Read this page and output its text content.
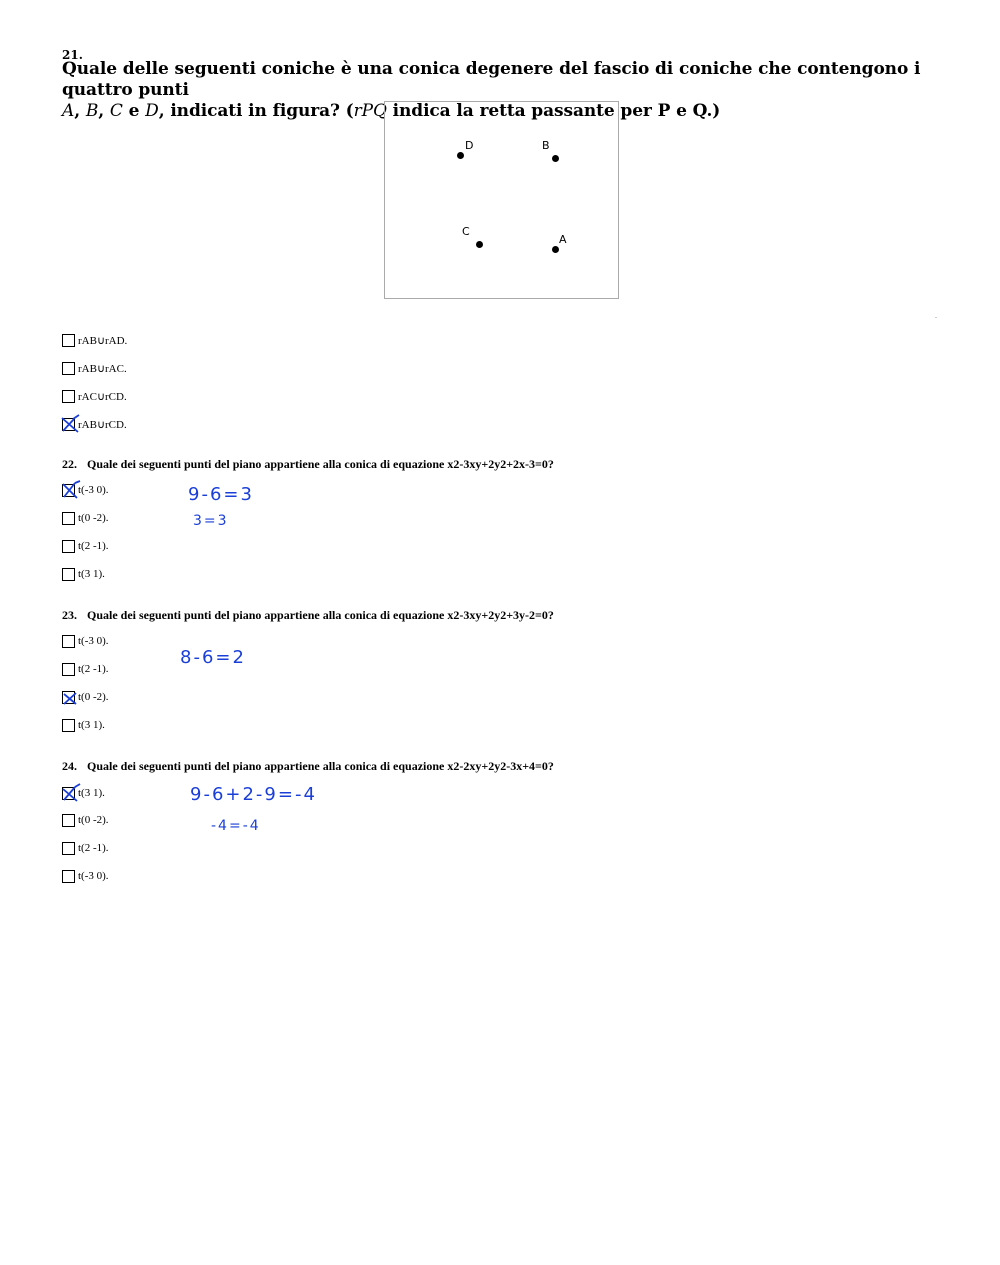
21.
Quale delle seguenti coniche è una conica degenere del fascio di coniche che contengono i quattro punti
A, B, C e D, indicati in figura? (rPQ indica la retta passante per P e Q.)
D	B
C
A
rAB∪rAD.
rAB∪rAC.
rAC∪rCD.
rAB∪rCD.
22. Quale dei seguenti punti del piano appartiene alla conica di equazione x2-3xy+2y2+2x-3=0?
t(-3 0).
t(0 -2).
t(2 -1).
t(3 1).
9-6=3
3=3
23. Quale dei seguenti punti del piano appartiene alla conica di equazione x2-3xy+2y2+3y-2=0?
t(-3 0).
t(2 -1).
t(0 -2).
t(3 1).
8-6=2
24. Quale dei seguenti punti del piano appartiene alla conica di equazione x2-2xy+2y2-3x+4=0?
t(3 1).
t(0 -2).
t(2 -1).
t(-3 0).
9-6+2-9=-4
-4=-4
